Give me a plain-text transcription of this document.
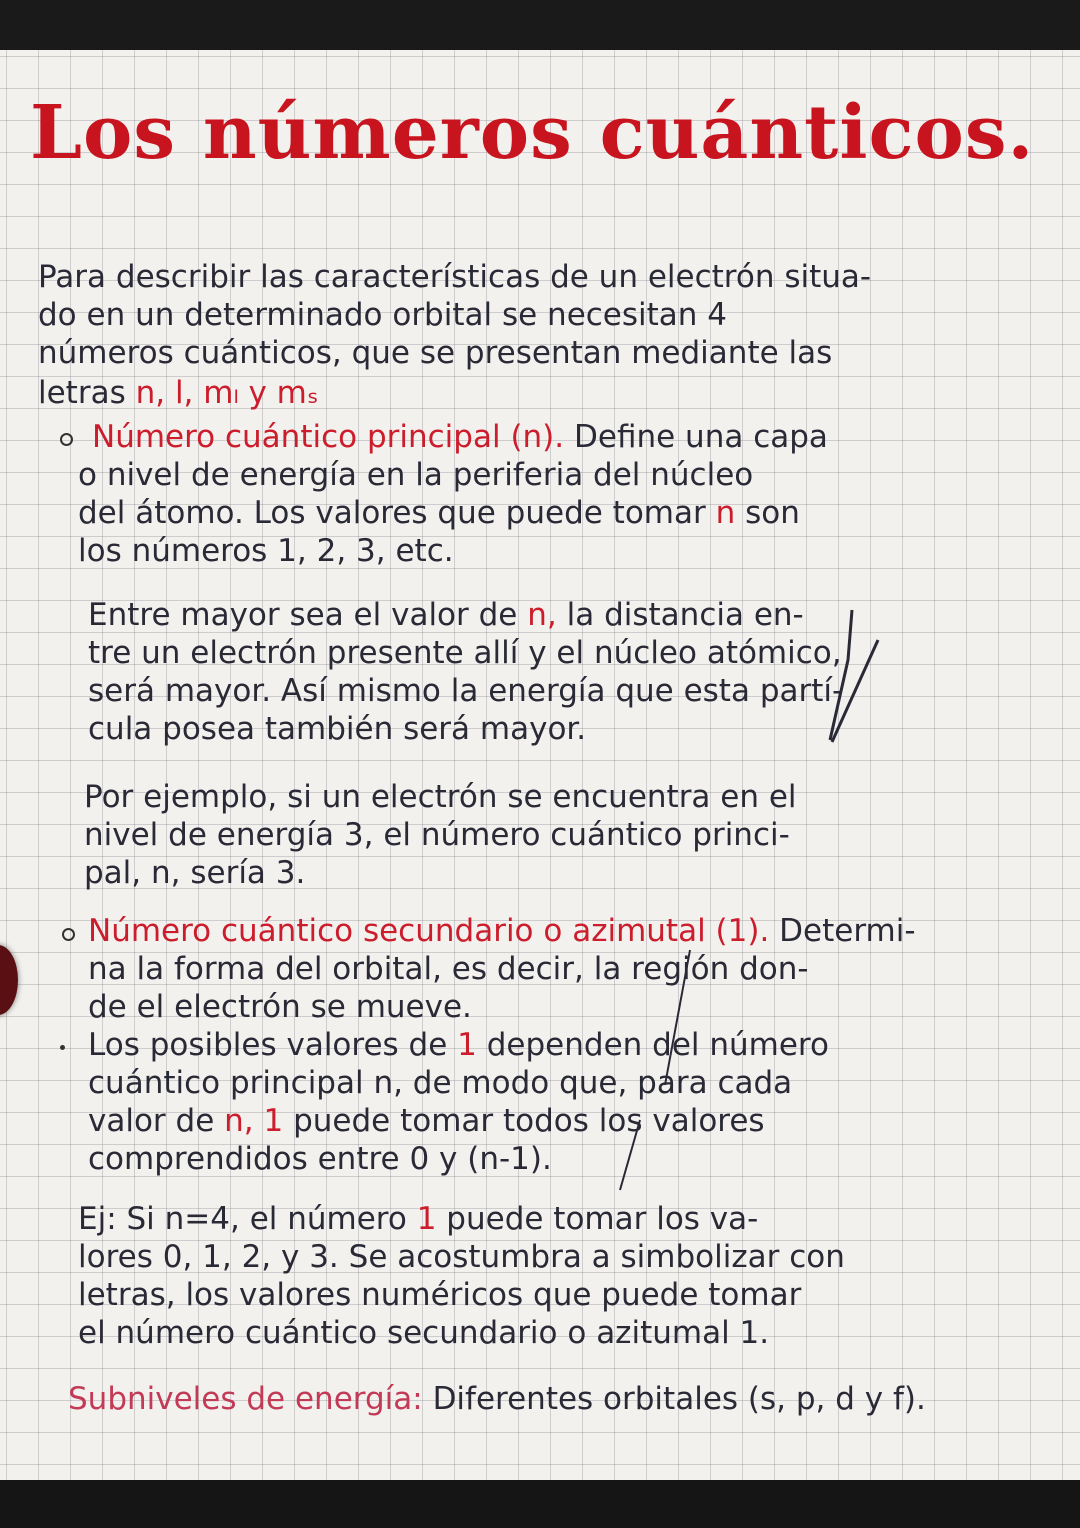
Los números cuánticos.
Para describir las características de un electrón situa-
do en un determinado orbital se necesitan 4
números cuánticos, que se presentan mediante las
letras n, l, mₗ y mₛ
Número cuántico principal (n). Define una capa
o nivel de energía en la periferia del núcleo
del átomo. Los valores que puede tomar n son
los números 1, 2, 3, etc.
Entre mayor sea el valor de n, la distancia en-
tre un electrón presente allí y el núcleo atómico,
será mayor. Así mismo la energía que esta partí-
cula posea también será mayor.
Por ejemplo, si un electrón se encuentra en el
nivel de energía 3, el número cuántico princi-
pal, n, sería 3.
Número cuántico secundario o azimutal (1). Determi-
na la forma del orbital, es decir, la región don-
de el electrón se mueve.
Los posibles valores de 1 dependen del número
cuántico principal n, de modo que, para cada
valor de n, 1 puede tomar todos los valores
comprendidos entre 0 y (n-1).
Ej: Si n=4, el número 1 puede tomar los va-
lores 0, 1, 2, y 3. Se acostumbra a simbolizar con
letras, los valores numéricos que puede tomar
el número cuántico secundario o azitumal 1.
Subniveles de energía: Diferentes orbitales (s, p, d y f).
